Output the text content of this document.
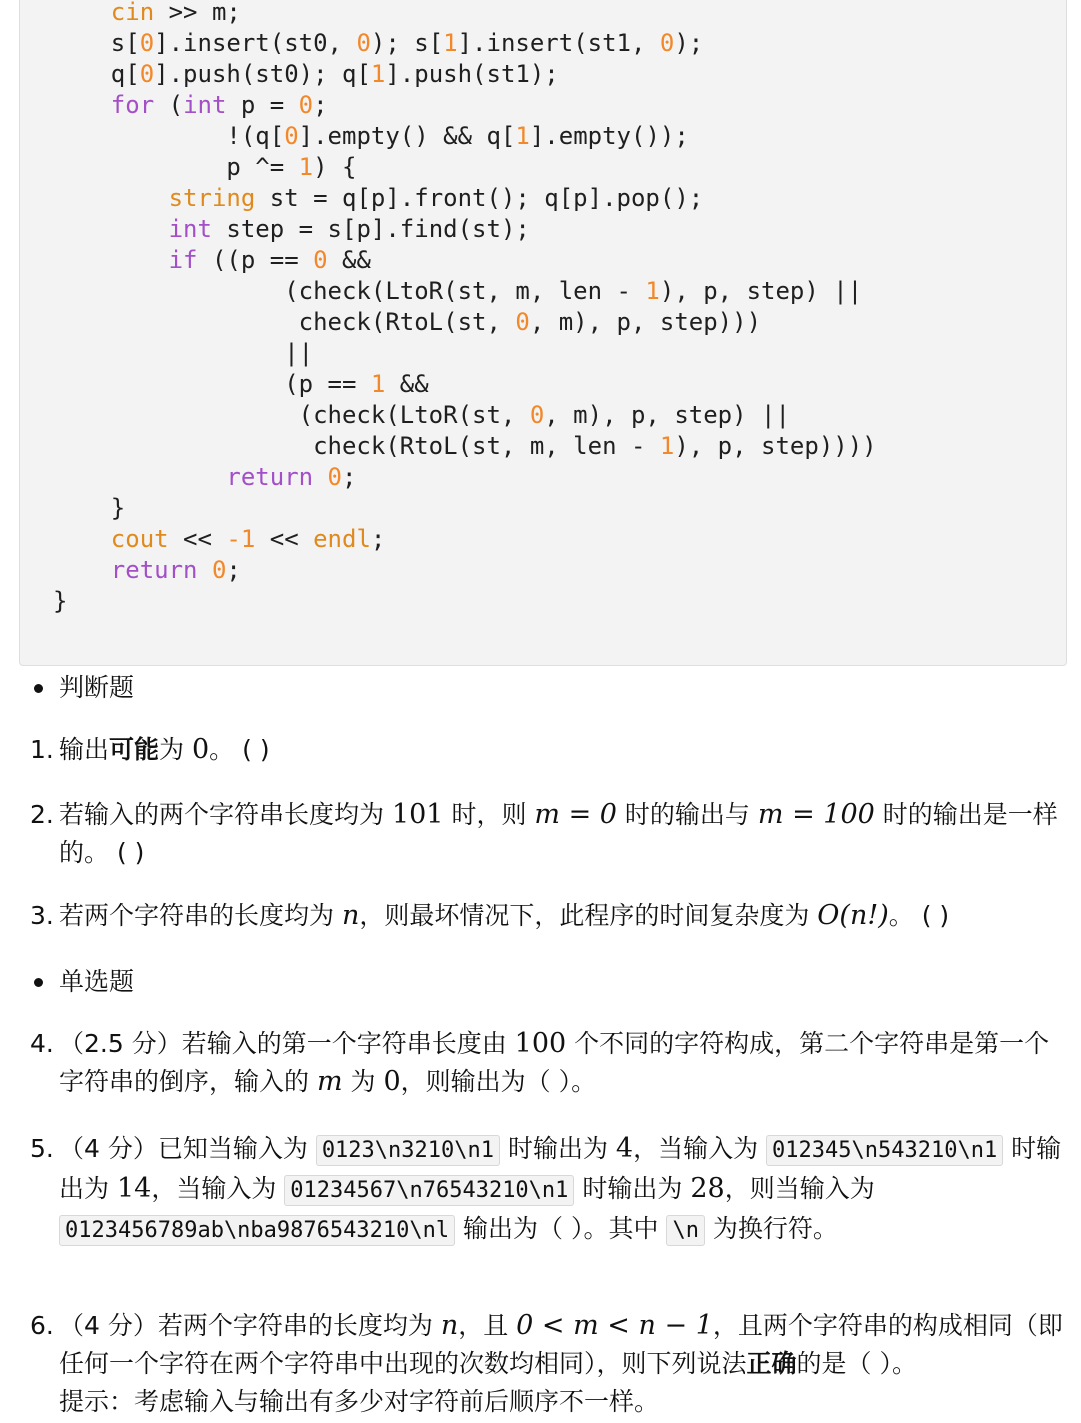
cin >> m;
s[0].insert(st0, 0); s[1].insert(st1, 0);
q[0].push(st0); q[1].push(st1);
for (int p = 0;
!(q[0].empty() && q[1].empty());
p ^= 1) {
string st = q[p].front(); q[p].pop();
int step = s[p].find(st);
if ((p == 0 &&
(check(LtoR(st, m, len - 1), p, step) ||
check(RtoL(st, 0, m), p, step)))
||
(p == 1 &&
(check(LtoR(st, 0, m), p, step) ||
check(RtoL(st, m, len - 1), p, step))))
return 0;
}
cout << -1 << endl;
return 0;
}
判断题
1. 输出可能为 0。 ( )
2. 若输入的两个字符串长度均为 101 时，则 m = 0 时的输出与 m = 100 时的输出是一样的。 ( )
3. 若两个字符串的长度均为 n，则最坏情况下，此程序的时间复杂度为 O(n!)。 ( )
单选题
4. （2.5 分）若输入的第一个字符串长度由 100 个不同的字符构成，第二个字符串是第一个字符串的倒序，输入的 m 为 0，则输出为（ ）。
5. （4 分）已知当输入为 0123\n3210\n1 时输出为 4，当输入为 012345\n543210\n1 时输出为 14，当输入为 01234567\n76543210\n1 时输出为 28，则当输入为 0123456789ab\nba9876543210\nl 输出为（ ）。其中 \n 为换行符。
6. （4 分）若两个字符串的长度均为 n，且 0 < m < n − 1，且两个字符串的构成相同（即任何一个字符在两个字符串中出现的次数均相同），则下列说法正确的是（ ）。
提示：考虑输入与输出有多少对字符前后顺序不一样。
